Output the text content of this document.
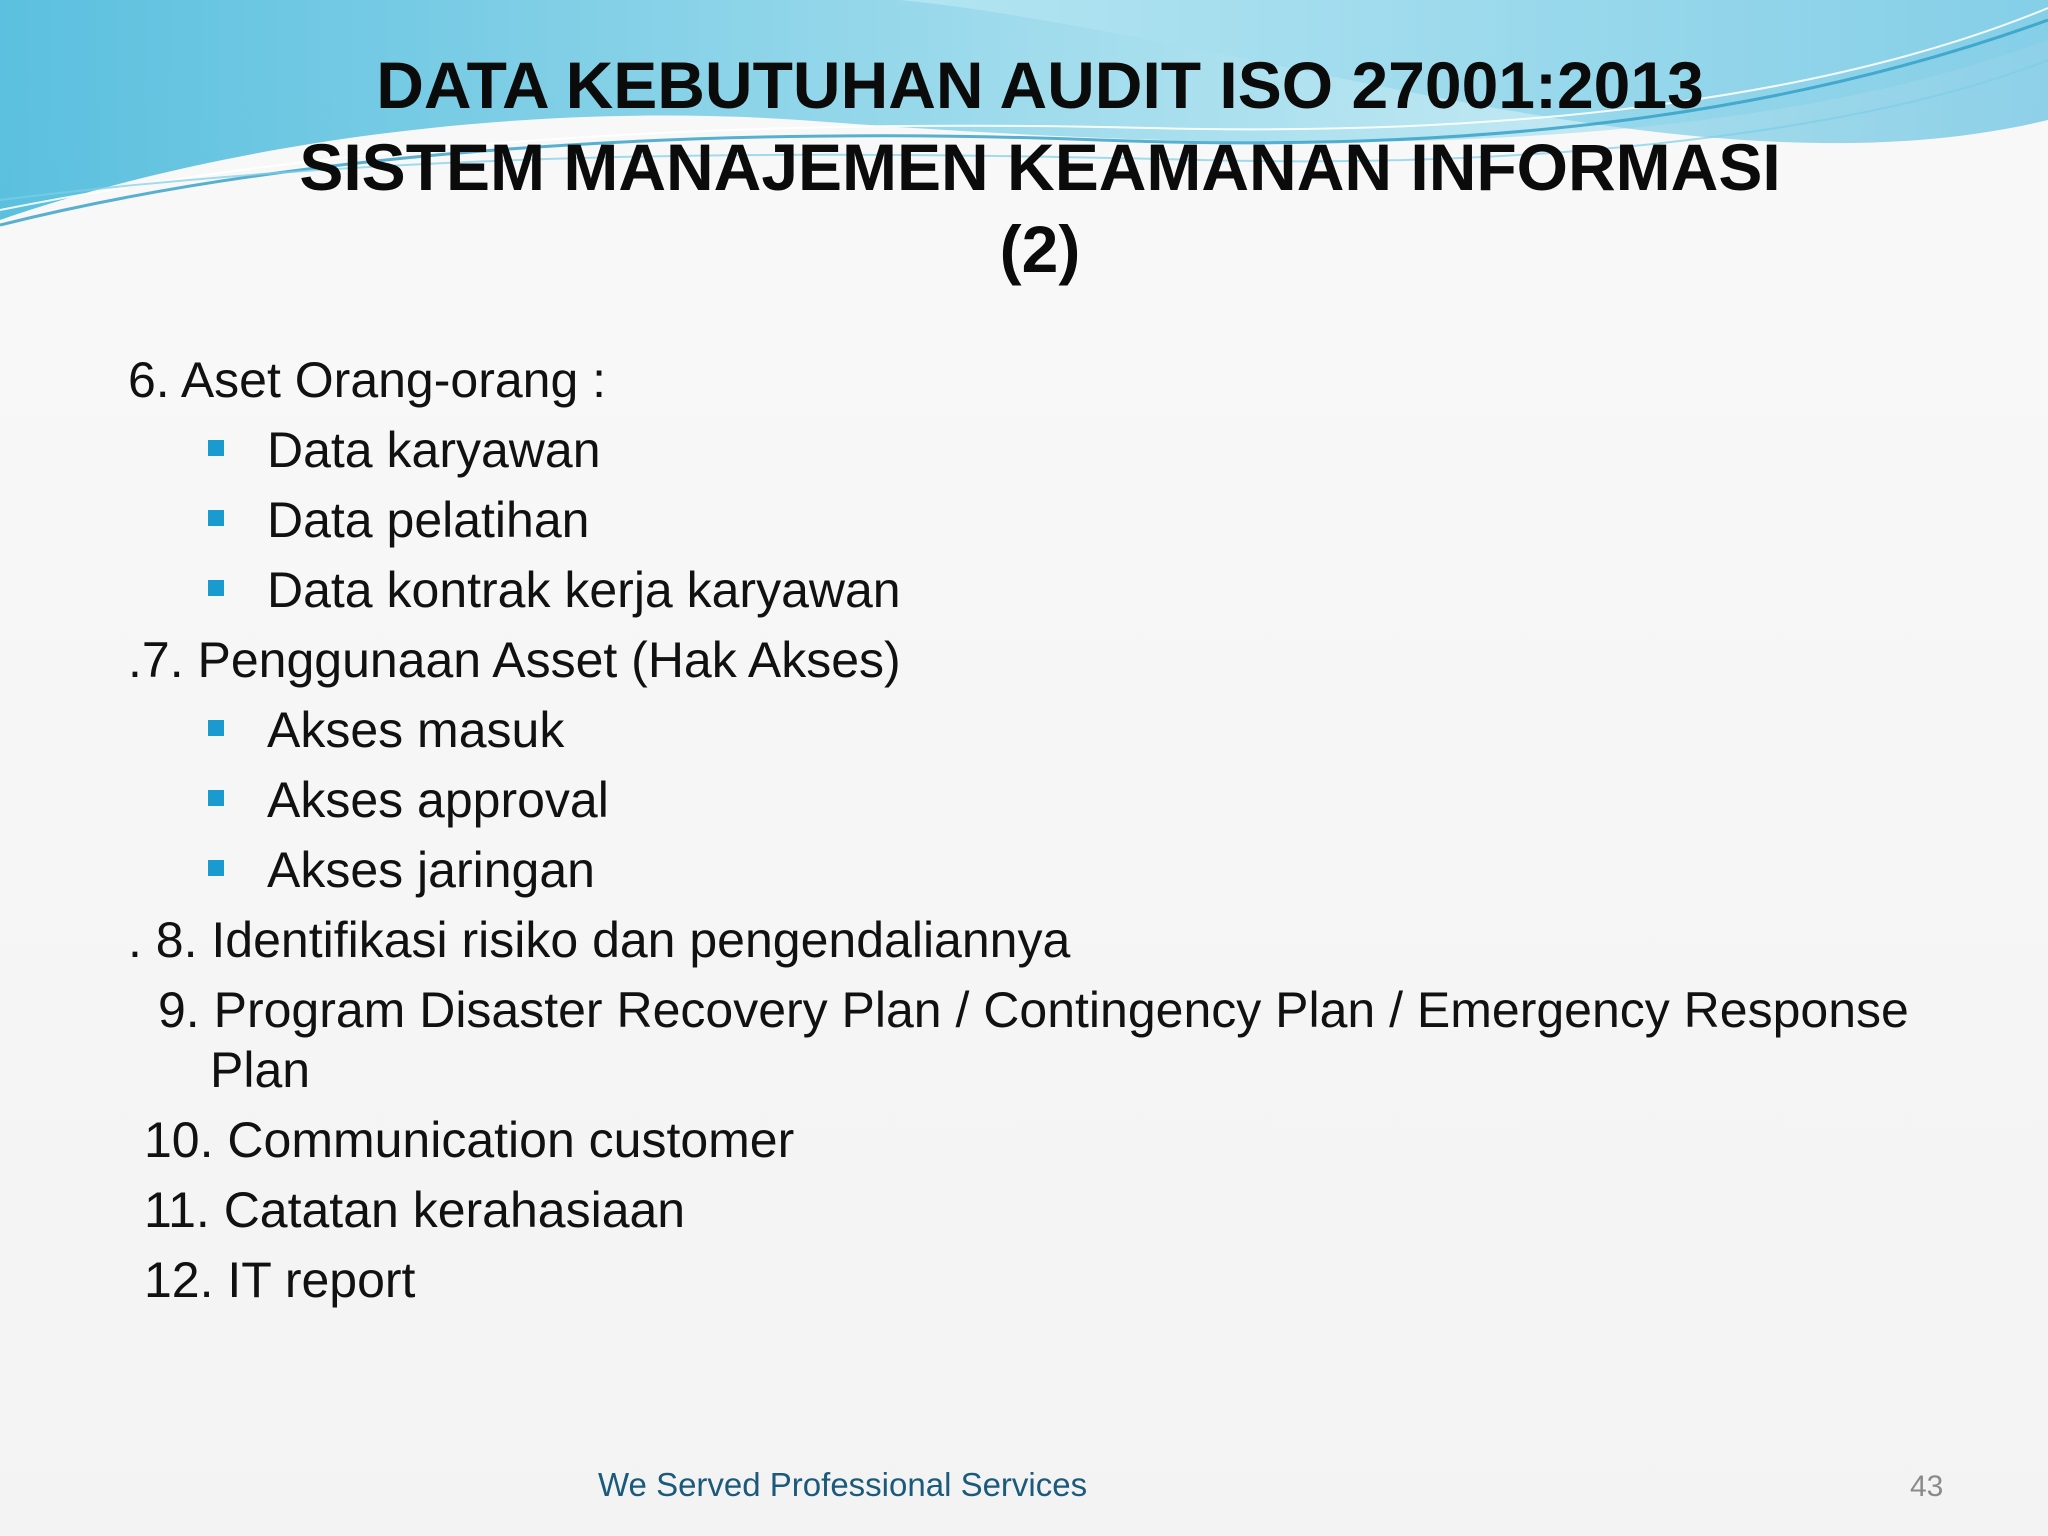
DATA KEBUTUHAN AUDIT ISO 27001:2013
SISTEM MANAJEMEN KEAMANAN INFORMASI
(2)
6. Aset Orang-orang :
Data karyawan
Data pelatihan
Data kontrak kerja karyawan
.7. Penggunaan Asset (Hak Akses)
Akses masuk
Akses approval
Akses jaringan
. 8. Identifikasi risiko dan pengendaliannya
9. Program Disaster Recovery Plan / Contingency Plan / Emergency Response
Plan
10. Communication customer
11. Catatan kerahasiaan
12. IT report
We Served Professional Services	43
